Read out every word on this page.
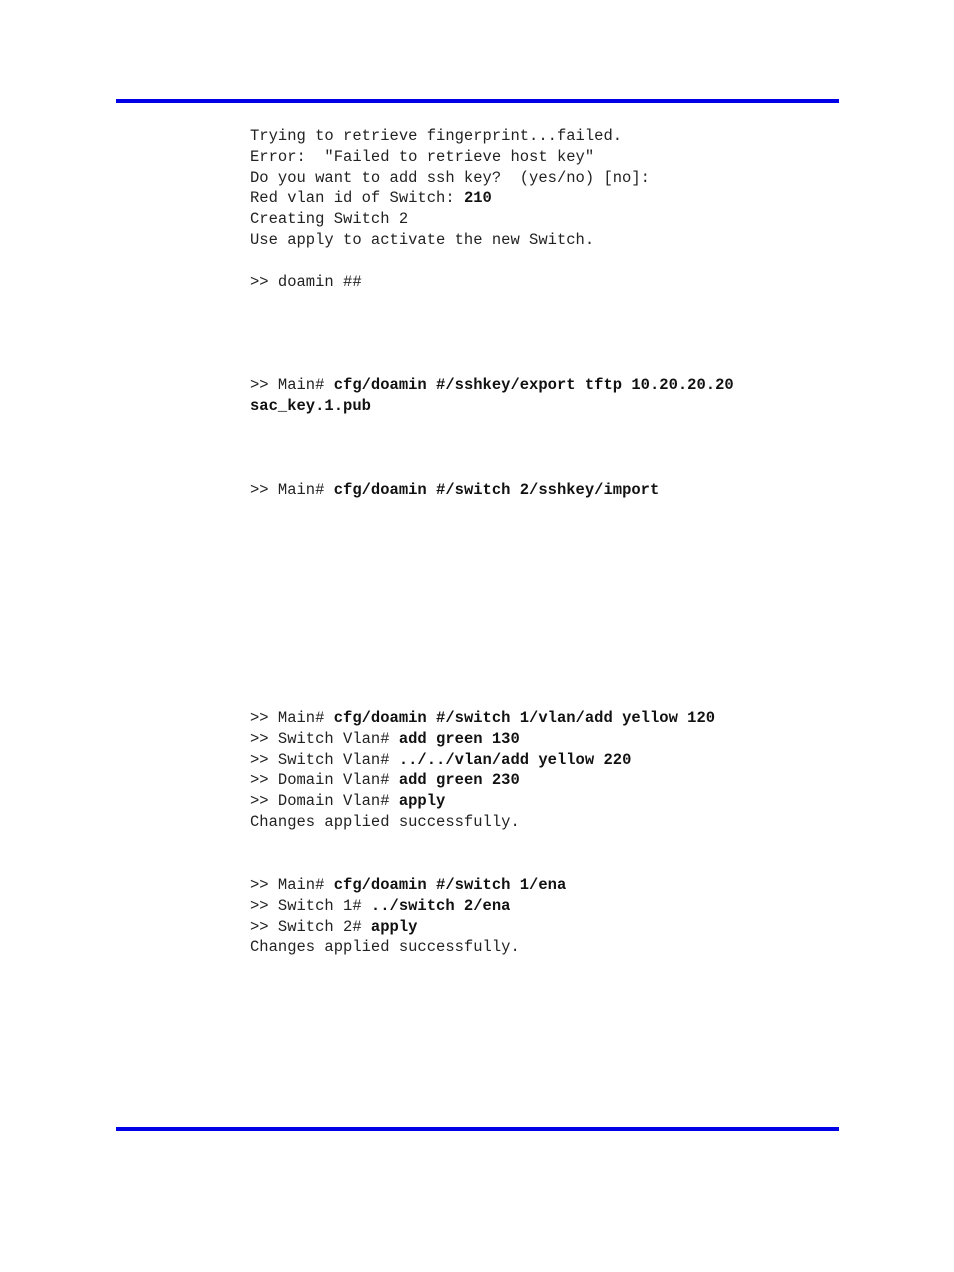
Trying to retrieve fingerprint...failed.
Error:  "Failed to retrieve host key"
Do you want to add ssh key?  (yes/no) [no]:
Red vlan id of Switch: 210
Creating Switch 2
Use apply to activate the new Switch.
>> doamin ##
>> Main# cfg/doamin #/sshkey/export tftp 10.20.20.20
sac_key.1.pub
>> Main# cfg/doamin #/switch 2/sshkey/import
>> Main# cfg/doamin #/switch 1/vlan/add yellow 120
>> Switch Vlan# add green 130
>> Switch Vlan# ../../vlan/add yellow 220
>> Domain Vlan# add green 230
>> Domain Vlan# apply
Changes applied successfully.
>> Main# cfg/doamin #/switch 1/ena
>> Switch 1# ../switch 2/ena
>> Switch 2# apply
Changes applied successfully.
